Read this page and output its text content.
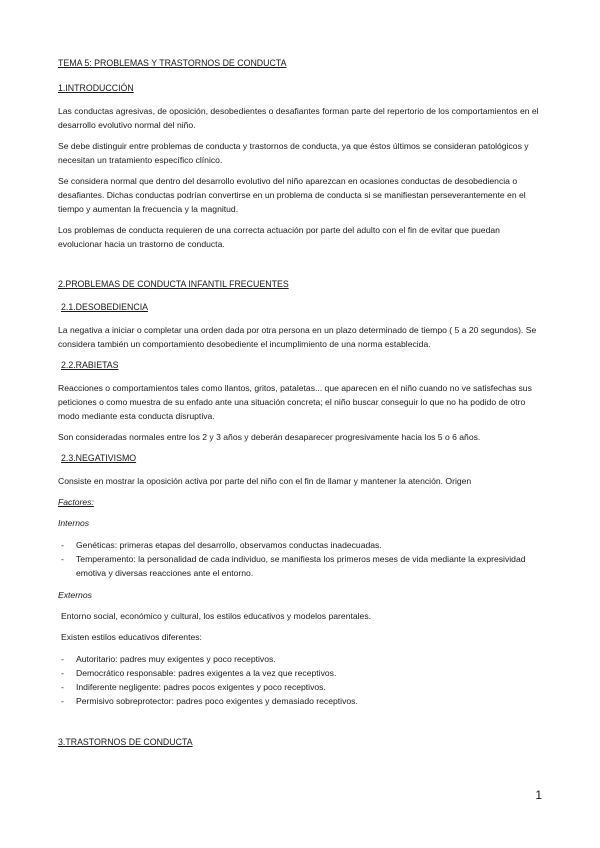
TEMA 5: PROBLEMAS Y TRASTORNOS DE CONDUCTA
1.INTRODUCCIÓN

Las conductas agresivas, de oposición, desobedientes o desafiantes forman parte del repertorio de los comportamientos en el desarrollo evolutivo normal del niño.

Se debe distinguir entre problemas de conducta y trastornos de conducta, ya que éstos últimos se consideran patológicos y necesitan un tratamiento específico clínico.

Se considera normal que dentro del desarrollo evolutivo del niño aparezcan en ocasiones conductas de desobediencia o desafiantes. Dichas conductas podrían convertirse en un problema de conducta si se manifiestan perseverantemente en el tiempo y aumentan la frecuencia y la magnitud.

Los problemas de conducta requieren de una correcta actuación por parte del adulto con el fin de evitar que puedan evolucionar hacia un trastorno de conducta.

2.PROBLEMAS DE CONDUCTA INFANTIL FRECUENTES
2.1.DESOBEDIENCIA

La negativa a iniciar o completar una orden dada por otra persona en un plazo determinado de tiempo ( 5 a 20 segundos). Se considera también un comportamiento desobediente el incumplimiento de una norma establecida.

2.2.RABIETAS

Reacciones o comportamientos tales como llantos, gritos, pataletas... que aparecen en el niño cuando no ve satisfechas sus peticiones o como muestra de su enfado ante una situación concreta; el niño buscar conseguir lo que no ha podido de otro modo mediante esta conducta disruptiva.

Son consideradas normales entre los 2 y 3 años y deberán desaparecer progresivamente hacia los 5 o 6 años.

2.3.NEGATIVISMO

Consiste en mostrar la oposición activa por parte del niño con el fin de llamar y mantener la atención. Origen

Factores:

Internos

- Genéticas: primeras etapas del desarrollo, observamos conductas inadecuadas.
- Temperamento: la personalidad de cada individuo, se manifiesta los primeros meses de vida mediante la expresividad emotiva y diversas reacciones ante el entorno.

Externos

Entorno social, económico y cultural, los estilos educativos y modelos parentales.

Existen estilos educativos diferentes:

- Autoritario: padres muy exigentes y poco receptivos.
- Democrático responsable: padres exigentes a la vez que receptivos.
- Indiferente negligente: padres pocos exigentes y poco receptivos.
- Permisivo sobreprotector: padres poco exigentes y demasiado receptivos.
3.TRASTORNOS DE CONDUCTA
1
